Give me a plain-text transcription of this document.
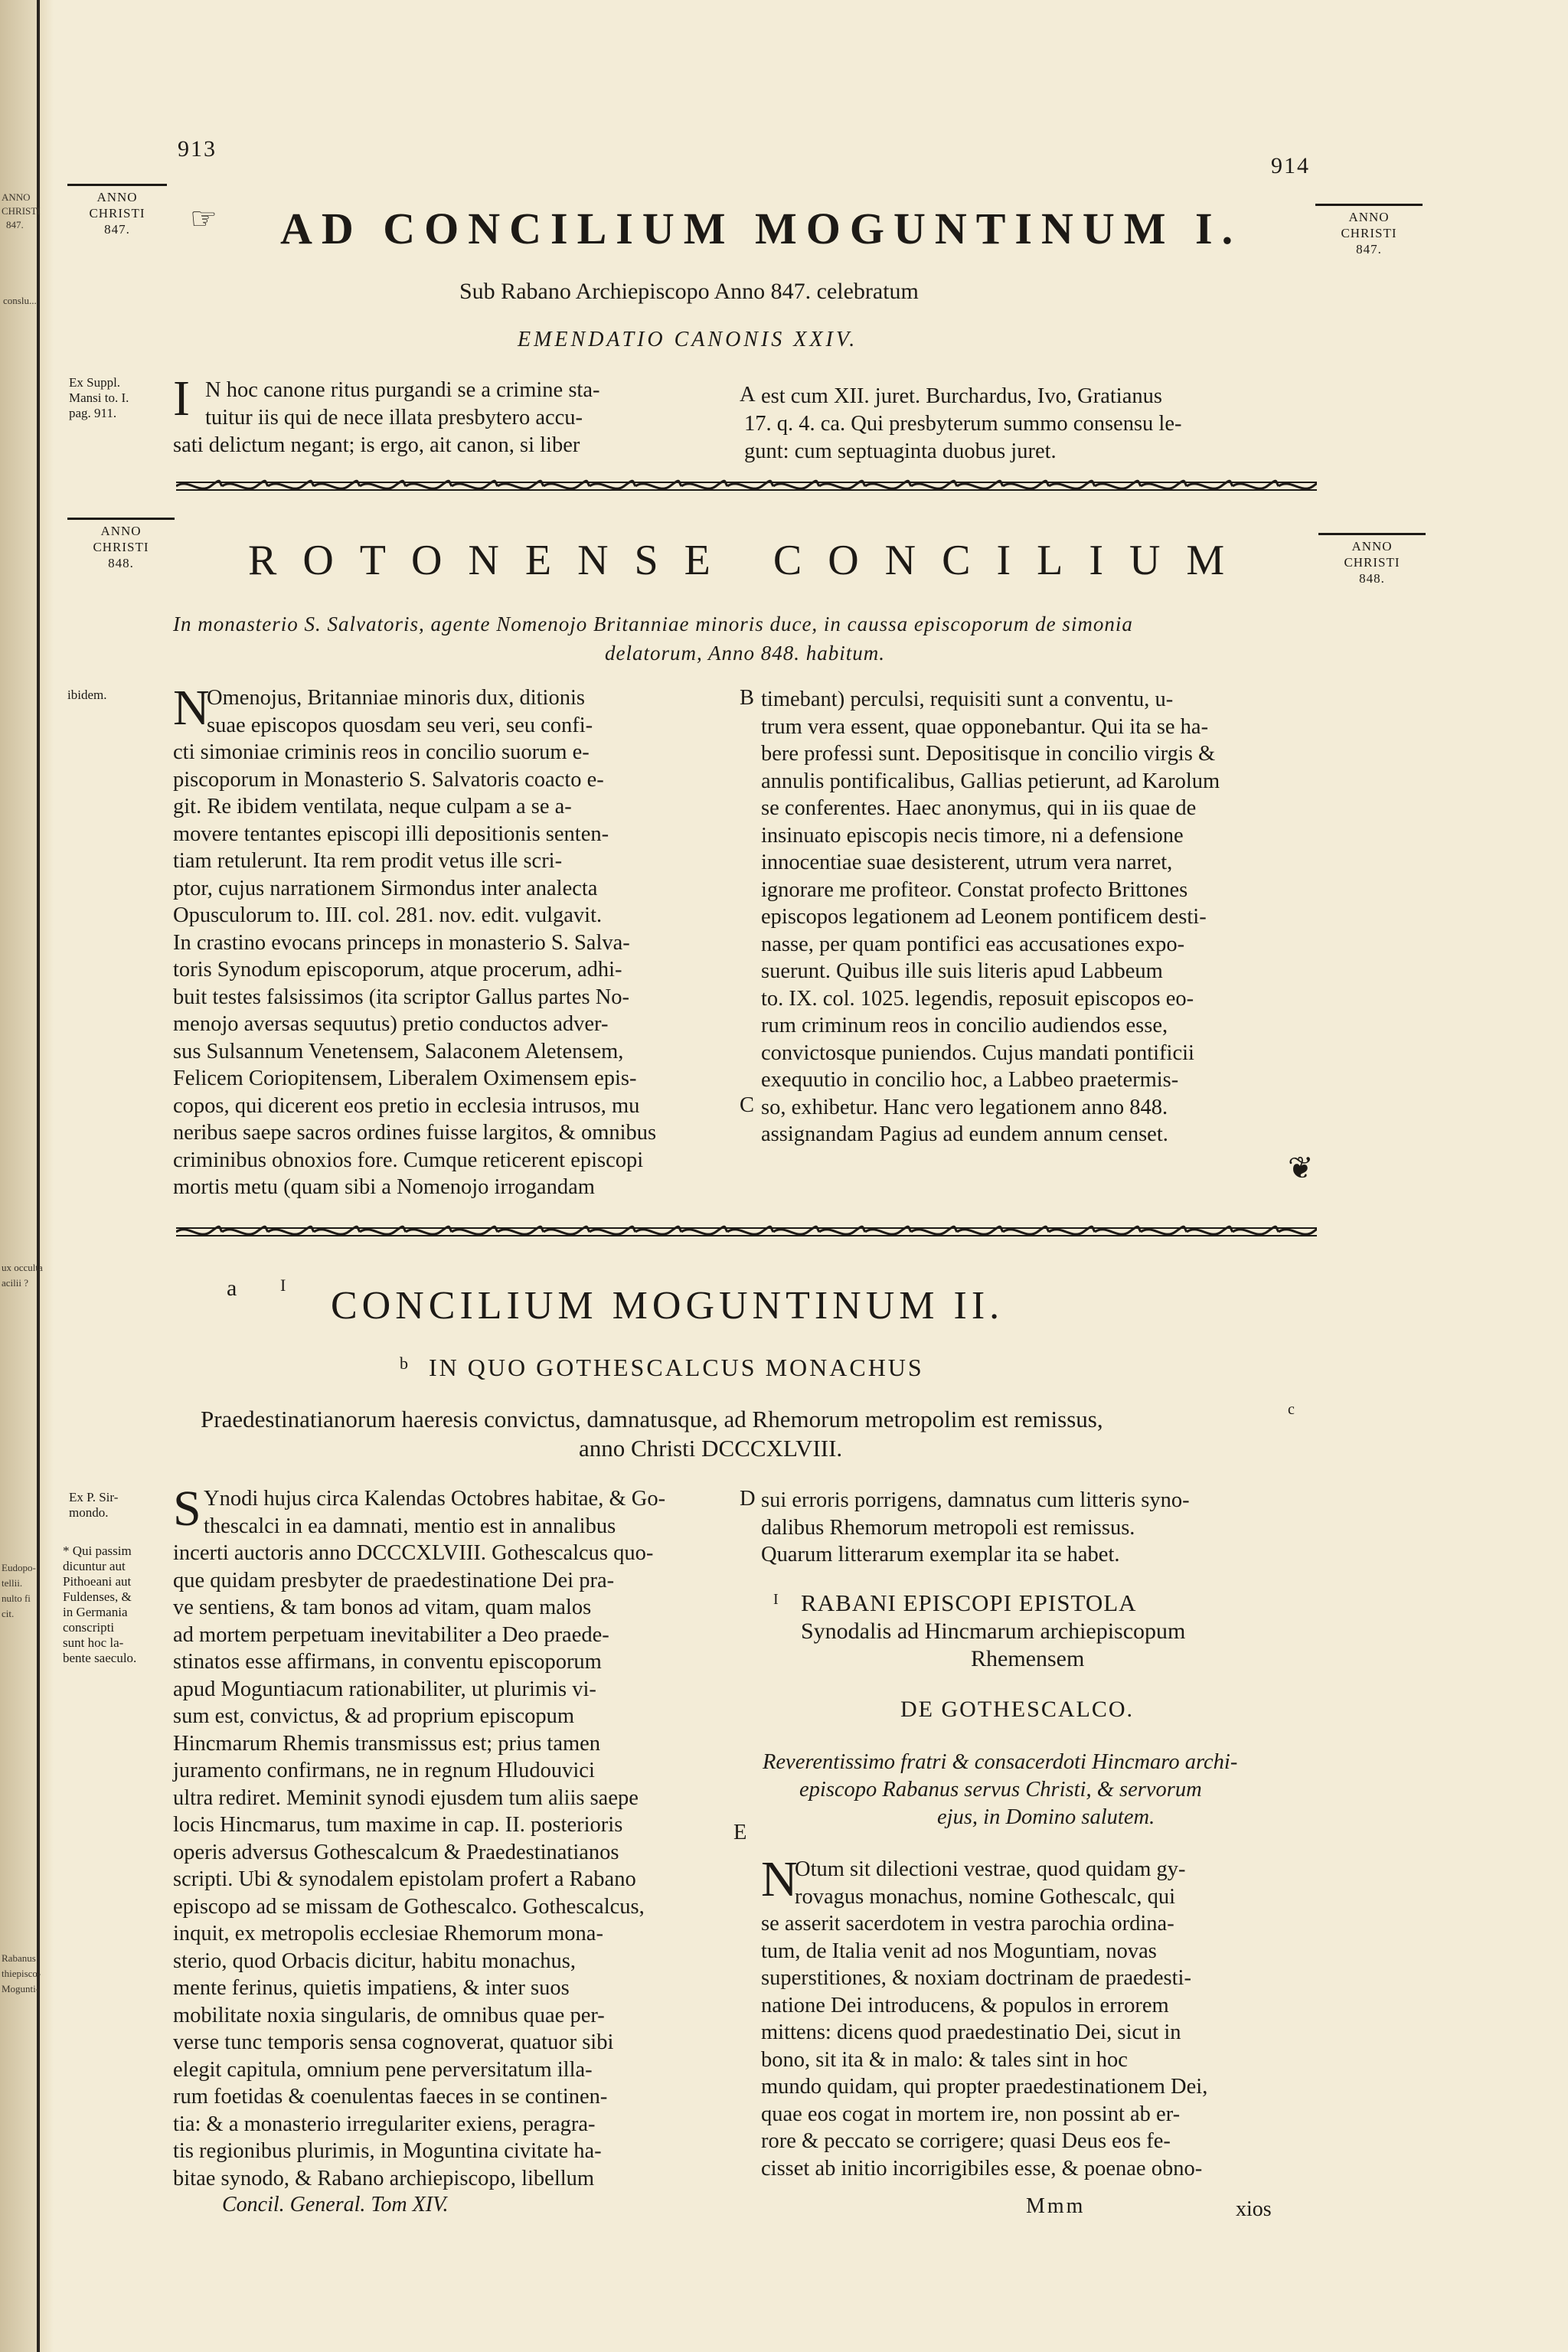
ANNO
CHRISTI
847.
conslu...
ux occulta
acilii ?
Eudopo-
tellii.
nulto fi
cit.
Rabanus
thiepisco-
Mogunti-
913
914
ANNO
CHRISTI
847.
ANNO
CHRISTI
847.
ANNO
CHRISTI
848.
ANNO
CHRISTI
848.
☞ AD CONCILIUM MOGUNTINUM I.
Sub Rabano Archiepiscopo Anno 847. celebratum
EMENDATIO CANONIS XXIV.
Ex Suppl.
Mansi to. I.
pag. 911. I N hoc canone ritus purgandi se a crimine sta-
tuitur iis qui de nece illata presbytero accu-
sati delictum negant; is ergo, ait canon, si liber
A est cum XII. juret. Burchardus, Ivo, Gratianus
17. q. 4. ca. Qui presbyterum summo consensu le-
gunt: cum septuaginta duobus juret.
ROTONENSE CONCILIUM
In monasterio S. Salvatoris, agente Nomenojo Britanniae minoris duce, in caussa episcoporum de simonia
delatorum, Anno 848. habitum.
ibidem. N
Omenojus, Britanniae minoris dux, ditionis
suae episcopos quosdam seu veri, seu confi-
cti simoniae criminis reos in concilio suorum e-
piscoporum in Monasterio S. Salvatoris coacto e-
git. Re ibidem ventilata, neque culpam a se a-
movere tentantes episcopi illi depositionis senten-
tiam retulerunt. Ita rem prodit vetus ille scri-
ptor, cujus narrationem Sirmondus inter analecta
Opusculorum to. III. col. 281. nov. edit. vulgavit.
In crastino evocans princeps in monasterio S. Salva-
toris Synodum episcoporum, atque procerum, adhi-
buit testes falsissimos (ita scriptor Gallus partes No-
menojo aversas sequutus) pretio conductos adver-
sus Sulsannum Venetensem, Salaconem Aletensem,
Felicem Coriopitensem, Liberalem Oximensem epis-
copos, qui dicerent eos pretio in ecclesia intrusos, mu
neribus saepe sacros ordines fuisse largitos, & omnibus
criminibus obnoxios fore. Cumque reticerent episcopi
mortis metu (quam sibi a Nomenojo irrogandam
B
C
timebant) perculsi, requisiti sunt a conventu, u-
trum vera essent, quae opponebantur. Qui ita se ha-
bere professi sunt. Depositisque in concilio virgis &
annulis pontificalibus, Gallias petierunt, ad Karolum
se conferentes. Haec anonymus, qui in iis quae de
insinuato episcopis necis timore, ni a defensione
innocentiae suae desisterent, utrum vera narret,
ignorare me profiteor. Constat profecto Brittones
episcopos legationem ad Leonem pontificem desti-
nasse, per quam pontifici eas accusationes expo-
suerunt. Quibus ille suis literis apud Labbeum
to. IX. col. 1025. legendis, reposuit episcopos eo-
rum criminum reos in concilio audiendos esse,
convictosque puniendos. Cujus mandati pontificii
exequutio in concilio hoc, a Labbeo praetermis-
so, exhibetur. Hanc vero legationem anno 848.
assignandam Pagius ad eundem annum censet.
❦
a	I CONCILIUM MOGUNTINUM II.
b IN QUO GOTHESCALCUS MONACHUS
Praedestinatianorum haeresis convictus, damnatusque, ad Rhemorum metropolim est remissus,	c
anno Christi DCCCXLVIII.
Ex P. Sir-
mondo.
* Qui passim
dicuntur aut
Pithoeani aut
Fuldenses, &
in Germania
conscripti
sunt hoc la-
bente saeculo.
S Ynodi hujus circa Kalendas Octobres habitae, & Go-
thescalci in ea damnati, mentio est in annalibus
incerti auctoris anno DCCCXLVIII. Gothescalcus quo-
que quidam presbyter de praedestinatione Dei pra-
ve sentiens, & tam bonos ad vitam, quam malos
ad mortem perpetuam inevitabiliter a Deo praede-
stinatos esse affirmans, in conventu episcoporum
apud Moguntiacum rationabiliter, ut plurimis vi-
sum est, convictus, & ad proprium episcopum
Hincmarum Rhemis transmissus est; prius tamen
juramento confirmans, ne in regnum Hludouvici
ultra rediret. Meminit synodi ejusdem tum aliis saepe
locis Hincmarus, tum maxime in cap. II. posterioris
operis adversus Gothescalcum & Praedestinatianos
scripti. Ubi & synodalem epistolam profert a Rabano
episcopo ad se missam de Gothescalco. Gothescalcus,
inquit, ex metropolis ecclesiae Rhemorum mona-
sterio, quod Orbacis dicitur, habitu monachus,
mente ferinus, quietis impatiens, & inter suos
mobilitate noxia singularis, de omnibus quae per-
verse tunc temporis sensa cognoverat, quatuor sibi
elegit capitula, omnium pene perversitatum illa-
rum foetidas & coenulentas faeces in se continen-
tia: & a monasterio irregulariter exiens, peragra-
tis regionibus plurimis, in Moguntina civitate ha-
bitae synodo, & Rabano archiepiscopo, libellum
D
E
sui erroris porrigens, damnatus cum litteris syno-
dalibus Rhemorum metropoli est remissus.
Quarum litterarum exemplar ita se habet.
I RABANI EPISCOPI EPISTOLA
Synodalis ad Hincmarum archiepiscopum
Rhemensem
DE GOTHESCALCO.
Reverentissimo fratri & consacerdoti Hincmaro archi-
episcopo Rabanus servus Christi, & servorum
ejus, in Domino salutem.
N
Otum sit dilectioni vestrae, quod quidam gy-
rovagus monachus, nomine Gothescalc, qui
se asserit sacerdotem in vestra parochia ordina-
tum, de Italia venit ad nos Moguntiam, novas
superstitiones, & noxiam doctrinam de praedesti-
natione Dei introducens, & populos in errorem
mittens: dicens quod praedestinatio Dei, sicut in
bono, sit ita & in malo: & tales sint in hoc
mundo quidam, qui propter praedestinationem Dei,
quae eos cogat in mortem ire, non possint ab er-
rore & peccato se corrigere; quasi Deus eos fe-
cisset ab initio incorrigibiles esse, & poenae obno-
Concil. General. Tom XIV.	Mmm	xios
